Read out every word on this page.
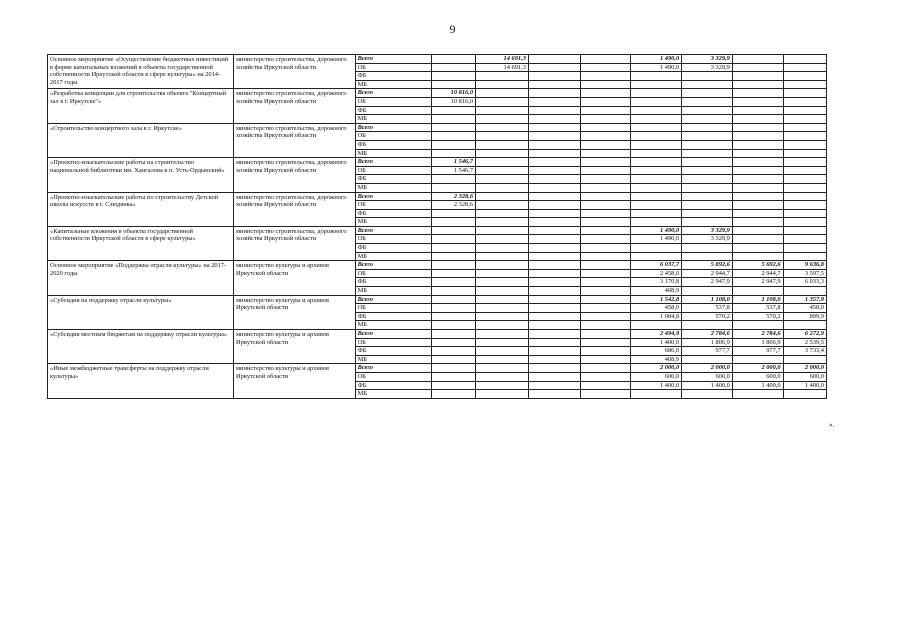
9
Основное мероприятие «Осуществление бюджетных инвестиций в форме капитальных вложений в объекты государственной собственности Иркутской области в сфере культуры» на 2014-2017 годы	министерство строительства, дорожного хозяйства Иркутской области	Всего		14 691,3			1 490,0	3 329,9		
		ОБ		14 691,3			1 490,0	3 329,9		
		ФБ								
		МБ								
«Разработка концепции для строительства объекта "Концертный зал в г. Иркутске"»	министерство строительства, дорожного хозяйства Иркутской области	Всего	10 816,0							
		ОБ	10 816,0							
		ФБ								
		МБ								
«Строительство концертного зала в г. Иркутске»	министерство строительства, дорожного хозяйства Иркутской области	Всего								
		ОБ								
		ФБ								
		МБ								
«Проектно-изыскательские работы на строительство национальной библиотеки им. Хангалова в п. Усть-Ордынский»	министерство строительства, дорожного хозяйства Иркутской области	Всего	1 546,7							
		ОБ	1 546,7							
		ФБ								
		МБ								
«Проектно-изыскательские работы по строительству Детской школы искусств в г. Слюдянка»	министерство строительства, дорожного хозяйства Иркутской области	Всего	2 328,6							
		ОБ	2 328,6							
		ФБ								
		МБ								
«Капитальные вложения в объекты государственной собственности Иркутской области в сфере культуры»	министерство строительства, дорожного хозяйства Иркутской области	Всего					1 490,0	3 329,9		
		ОБ					1 490,0	3 329,9		
		ФБ								
		МБ								
Основное мероприятие «Поддержка отрасли культуры» на 2017-2020 годы	министерство культуры и архивов Иркутской области	Всего					6 037,7	5 892,6	5 692,6	9 636,8
		ОБ					2 458,0	2 944,7	2 944,7	3 597,5
		ФБ					3 170,8	2 947,9	2 947,9	6 033,3
		МБ					408,9			
«Субсидия на поддержку отрасли культуры»	министерство культуры и архивов Иркутской области	Всего					1 542,8	1 108,0	1 108,0	1 357,9
		ОБ					458,0	537,8	537,8	458,0
		ФБ					1 084,8	570,2	570,2	899,9
		МБ								
«Субсидия местным бюджетам на поддержку отрасли культуры»	министерство культуры и архивов Иркутской области	Всего					2 494,9	2 784,6	2 784,6	6 272,9
		ОБ					1 400,0	1 806,9	1 806,9	2 539,5
		ФБ					686,0	977,7	977,7	3 733,4
		МБ					408,9			
«Иные межбюджетные трансферты на поддержку отрасли культуры»	министерство культуры и архивов Иркутской области	Всего					2 000,0	2 000,0	2 000,0	2 000,0
		ОБ					600,0	600,0	600,0	600,0
		ФБ					1 400,0	1 400,0	1 400,0	1 400,0
		МБ								
».
